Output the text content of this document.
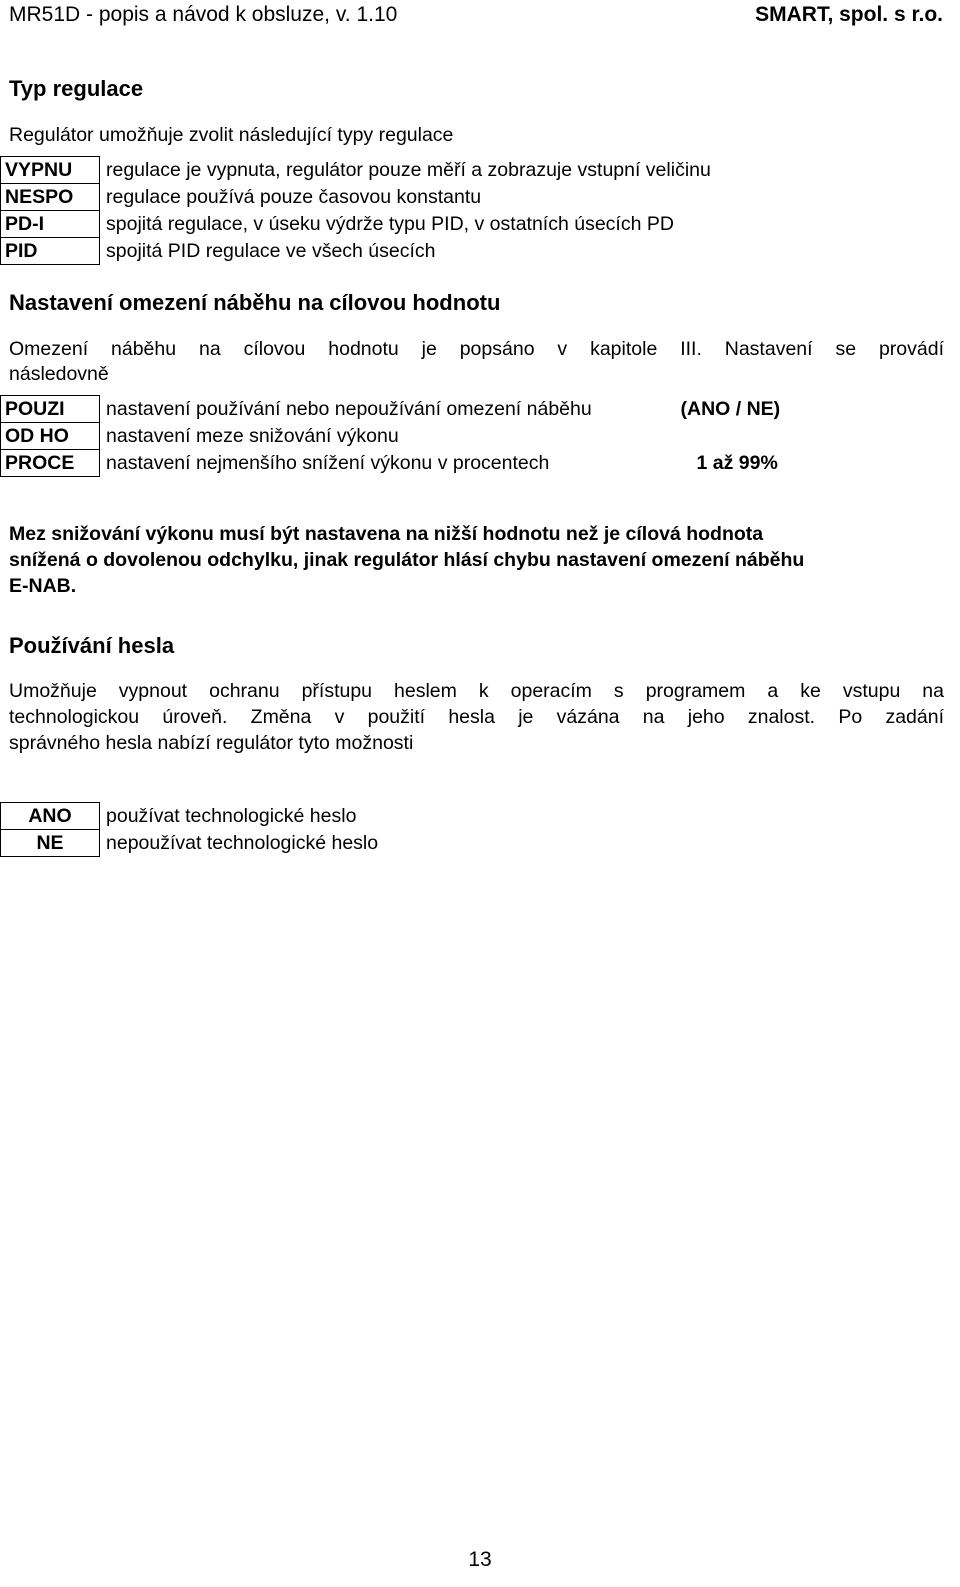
MR51D - popis a návod k obsluze, v. 1.10	SMART, spol. s r.o.
Typ regulace

Regulátor umožňuje zvolit následující typy regulace

VYPNU	regulace je vypnuta, regulátor pouze měří a zobrazuje vstupní veličinu
NESPO	regulace používá pouze časovou konstantu
PD-I	spojitá regulace, v úseku výdrže typu PID, v ostatních úsecích PD
PID	spojitá PID regulace ve všech úsecích
Nastavení omezení náběhu na cílovou hodnotu

Omezení náběhu na cílovou hodnotu je popsáno v kapitole III. Nastavení se provádí

následovně

POUZI	nastavení používání nebo nepoužívání omezení náběhu	(ANO / NE)
OD HO	nastavení meze snižování výkonu	
PROCE	nastavení nejmenšího snížení výkonu v procentech	1 až 99%

Mez snižování výkonu musí být nastavena na nižší hodnotu než je cílová hodnota

snížená o dovolenou odchylku, jinak regulátor hlásí chybu nastavení omezení náběhu

E-NAB.

Používání hesla

Umožňuje vypnout ochranu přístupu heslem k operacím s programem a ke vstupu na

technologickou úroveň. Změna v použití hesla je vázána na jeho znalost. Po zadání

správného hesla nabízí regulátor tyto možnosti

ANO	používat technologické heslo
NE	nepoužívat technologické heslo
13
